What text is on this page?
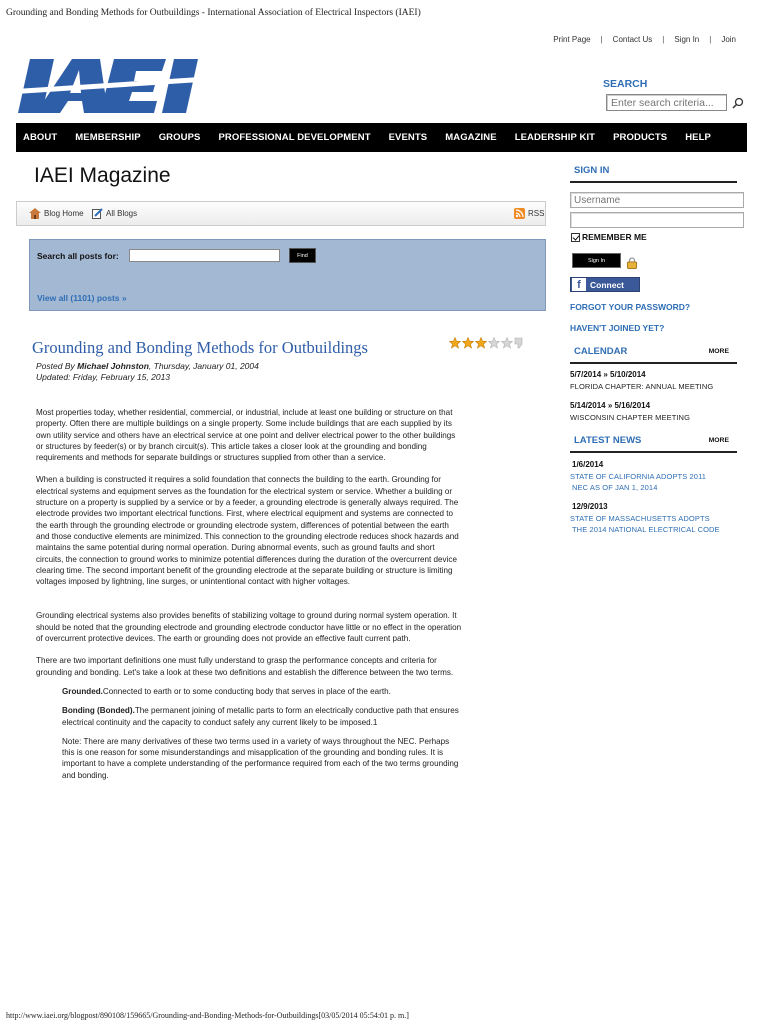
Grounding and Bonding Methods for Outbuildings - International Association of Electrical Inspectors (IAEI)
Print Page | Contact Us | Sign In | Join
SEARCH
Enter search criteria...
ABOUT MEMBERSHIP GROUPS PROFESSIONAL DEVELOPMENT EVENTS MAGAZINE LEADERSHIP KIT PRODUCTS HELP
IAEI Magazine
Blog Home	All Blogs	RSS
Search all posts for:	Find
View all (1101) posts »
Grounding and Bonding Methods for Outbuildings
Posted By Michael Johnston, Thursday, January 01, 2004
Updated: Friday, February 15, 2013

Most properties today, whether residential, commercial, or industrial, include at least one building or structure on that property. Often there are multiple buildings on a single property. Some include buildings that are each supplied by its own utility service and others have an electrical service at one point and deliver electrical power to the other buildings or structures by feeder(s) or by branch circuit(s). This article takes a closer look at the grounding and bonding requirements and methods for separate buildings or structures supplied from other than a service.

When a building is constructed it requires a solid foundation that connects the building to the earth. Grounding for electrical systems and equipment serves as the foundation for the electrical system or service. Whether a building or structure on a property is supplied by a service or by a feeder, a grounding electrode is generally always required. The electrode provides two important electrical functions. First, where electrical equipment and systems are connected to the earth through the grounding electrode or grounding electrode system, differences of potential between the earth and those conductive elements are minimized. This connection to the grounding electrode reduces shock hazards and maintains the same potential during normal operation. During abnormal events, such as ground faults and short circuits, the connection to ground works to minimize potential differences during the duration of the overcurrent device clearing time. The second important benefit of the grounding electrode at the separate building or structure is limiting voltages imposed by lightning, line surges, or unintentional contact with higher voltages.

Grounding electrical systems also provides benefits of stabilizing voltage to ground during normal system operation. It should be noted that the grounding electrode and grounding electrode conductor have little or no effect in the operation of overcurrent protective devices. The earth or grounding does not provide an effective fault current path.

There are two important definitions one must fully understand to grasp the performance concepts and criteria for grounding and bonding. Let's take a look at these two definitions and establish the difference between the two terms.

Grounded.Connected to earth or to some conducting body that serves in place of the earth.

Bonding (Bonded).The permanent joining of metallic parts to form an electrically conductive path that ensures electrical continuity and the capacity to conduct safely any current likely to be imposed.1

Note: There are many derivatives of these two terms used in a variety of ways throughout the NEC. Perhaps this is one reason for some misunderstandings and misapplication of the grounding and bonding rules. It is important to have a complete understanding of the performance required from each of the two terms grounding and bonding.

SIGN IN
Username
REMEMBER ME
Sign In
f	Connect
FORGOT YOUR PASSWORD?
HAVEN'T JOINED YET?
CALENDAR	MORE
5/7/2014 » 5/10/2014
FLORIDA CHAPTER: ANNUAL MEETING
5/14/2014 » 5/16/2014
WISCONSIN CHAPTER MEETING
LATEST NEWS	MORE
1/6/2014
STATE OF CALIFORNIA ADOPTS 2011
NEC AS OF JAN 1, 2014
12/9/2013
STATE OF MASSACHUSETTS ADOPTS
THE 2014 NATIONAL ELECTRICAL CODE
http://www.iaei.org/blogpost/890108/159665/Grounding-and-Bonding-Methods-for-Outbuildings[03/05/2014 05:54:01 p. m.]
